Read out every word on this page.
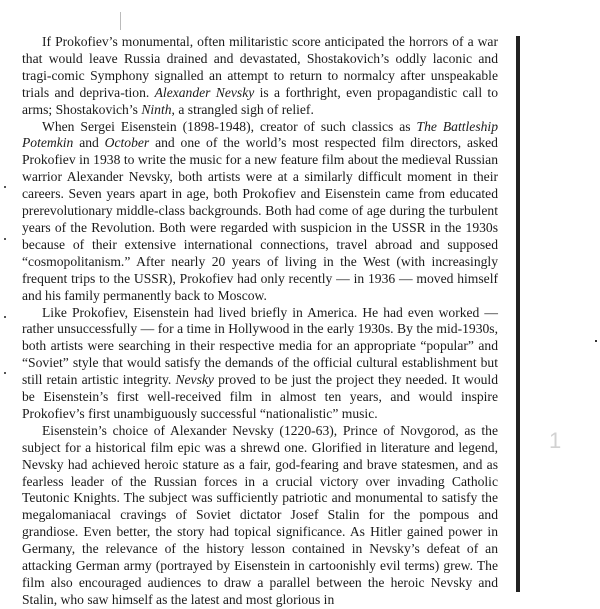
If Prokofiev’s monumental, often militaristic score anticipated the horrors of a war that would leave Russia drained and devastated, Shostakovich’s oddly laconic and tragi-comic Symphony signalled an attempt to return to normalcy after unspeakable trials and depriva-tion. Alexander Nevsky is a forthright, even propagandistic call to arms; Shostakovich’s Ninth, a strangled sigh of relief.

When Sergei Eisenstein (1898-1948), creator of such classics as The Battleship Potemkin and October and one of the world’s most respected film directors, asked Prokofiev in 1938 to write the music for a new feature film about the medieval Russian warrior Alexander Nevsky, both artists were at a similarly difficult moment in their careers. Seven years apart in age, both Prokofiev and Eisenstein came from educated prerevolutionary middle-class backgrounds. Both had come of age during the turbulent years of the Revolution. Both were regarded with suspicion in the USSR in the 1930s because of their extensive international connections, travel abroad and supposed “cosmopolitanism.” After nearly 20 years of living in the West (with increasingly frequent trips to the USSR), Prokofiev had only recently — in 1936 — moved himself and his family permanently back to Moscow.

Like Prokofiev, Eisenstein had lived briefly in America. He had even worked — rather unsuccessfully — for a time in Hollywood in the early 1930s. By the mid-1930s, both artists were searching in their respective media for an appropriate “popular” and “Soviet” style that would satisfy the demands of the official cultural establishment but still retain artistic integrity. Nevsky proved to be just the project they needed. It would be Eisenstein’s first well-received film in almost ten years, and would inspire Prokofiev’s first unambiguously successful “nationalistic” music.

Eisenstein’s choice of Alexander Nevsky (1220-63), Prince of Novgorod, as the subject for a historical film epic was a shrewd one. Glorified in literature and legend, Nevsky had achieved heroic stature as a fair, god-fearing and brave statesmen, and as fearless leader of the Russian forces in a crucial victory over invading Catholic Teutonic Knights. The subject was sufficiently patriotic and monumental to satisfy the megalomaniacal cravings of Soviet dictator Josef Stalin for the pompous and grandiose. Even better, the story had topical significance. As Hitler gained power in Germany, the relevance of the history lesson contained in Nevsky’s defeat of an attacking German army (portrayed by Eisenstein in cartoonishly evil terms) grew. The film also encouraged audiences to draw a parallel between the heroic Nevsky and Stalin, who saw himself as the latest and most glorious in

1
